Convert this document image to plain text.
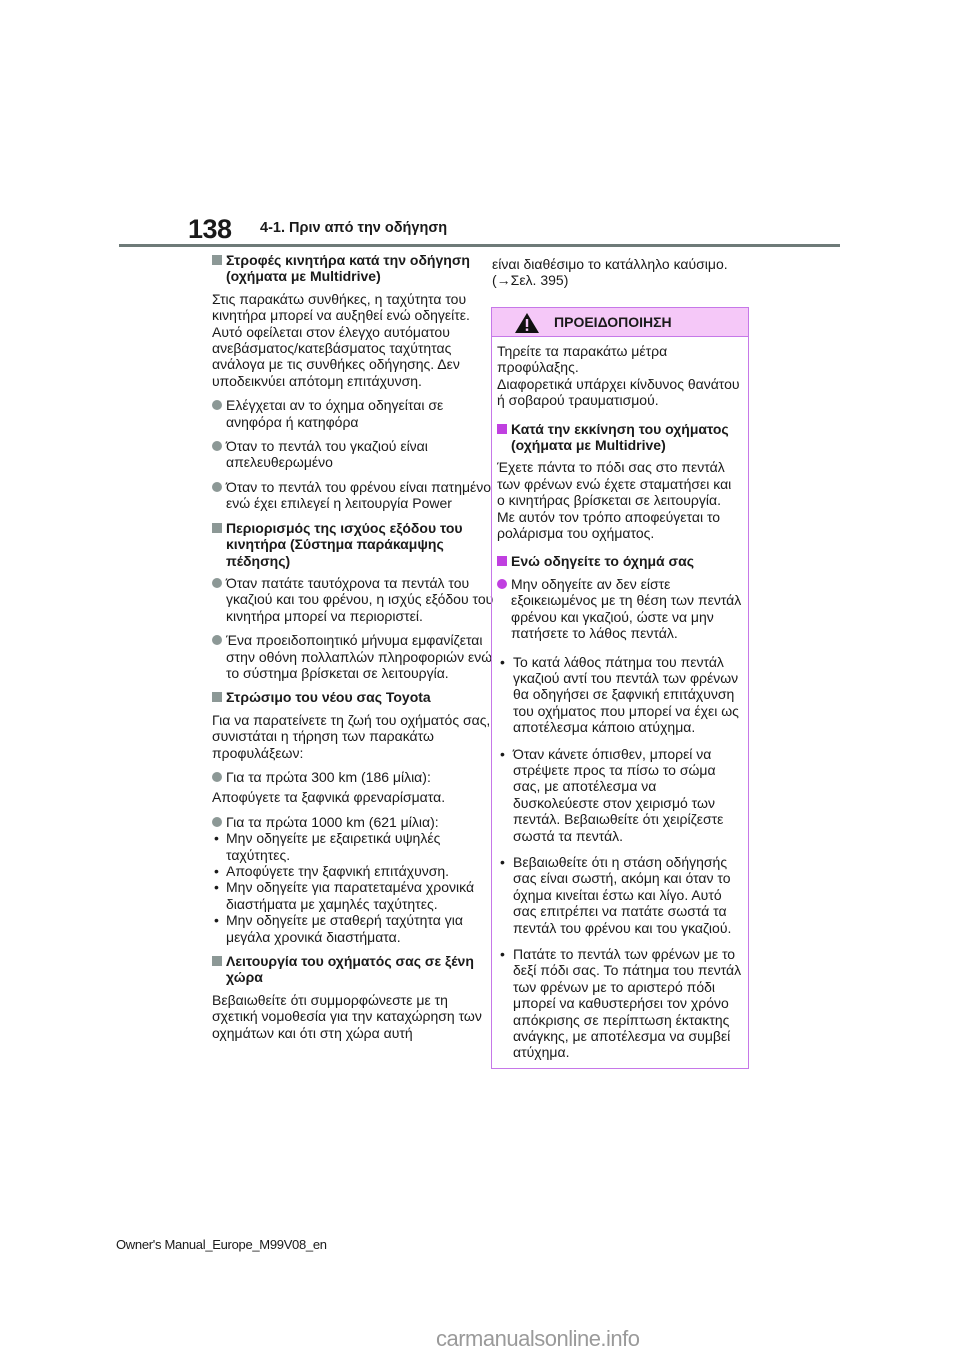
138 4-1. Πριν από την οδήγηση
Στροφές κινητήρα κατά την οδήγηση (οχήματα με Multidrive)
Στις παρακάτω συνθήκες, η ταχύτητα του κινητήρα μπορεί να αυξηθεί ενώ οδηγείτε. Αυτό οφείλεται στον έλεγχο αυτόματου ανεβάσματος/κατεβάσματος ταχύτητας ανάλογα με τις συνθήκες οδήγησης. Δεν υποδεικνύει απότομη επιτάχυνση.
Ελέγχεται αν το όχημα οδηγείται σε ανηφόρα ή κατηφόρα
Όταν το πεντάλ του γκαζιού είναι απελευθερωμένο
Όταν το πεντάλ του φρένου είναι πατημένο ενώ έχει επιλεγεί η λειτουργία Power
Περιορισμός της ισχύος εξόδου του κινητήρα (Σύστημα παράκαμψης πέδησης)
Όταν πατάτε ταυτόχρονα τα πεντάλ του γκαζιού και του φρένου, η ισχύς εξόδου του κινητήρα μπορεί να περιοριστεί.
Ένα προειδοποιητικό μήνυμα εμφανίζεται στην οθόνη πολλαπλών πληροφοριών ενώ το σύστημα βρίσκεται σε λειτουργία.
Στρώσιμο του νέου σας Toyota
Για να παρατείνετε τη ζωή του οχήματός σας, συνιστάται η τήρηση των παρακάτω προφυλάξεων:
Για τα πρώτα 300 km (186 μίλια):
Αποφύγετε τα ξαφνικά φρεναρίσματα.
Για τα πρώτα 1000 km (621 μίλια):
• Μην οδηγείτε με εξαιρετικά υψηλές ταχύτητες.
• Αποφύγετε την ξαφνική επιτάχυνση.
• Μην οδηγείτε για παρατεταμένα χρονικά διαστήματα με χαμηλές ταχύτητες.
• Μην οδηγείτε με σταθερή ταχύτητα για μεγάλα χρονικά διαστήματα.
Λειτουργία του οχήματός σας σε ξένη χώρα
Βεβαιωθείτε ότι συμμορφώνεστε με τη σχετική νομοθεσία για την καταχώρηση των οχημάτων και ότι στη χώρα αυτή
είναι διαθέσιμο το κατάλληλο καύσιμο.
(→Σελ. 395)
ΠΡΟΕΙΔΟΠΟΙΗΣΗ
Τηρείτε τα παρακάτω μέτρα προφύλαξης.
Διαφορετικά υπάρχει κίνδυνος θανάτου ή σοβαρού τραυματισμού.
Κατά την εκκίνηση του οχήματος (οχήματα με Multidrive)
Έχετε πάντα το πόδι σας στο πεντάλ των φρένων ενώ έχετε σταματήσει και ο κινητήρας βρίσκεται σε λειτουργία. Με αυτόν τον τρόπο αποφεύγεται το ρολάρισμα του οχήματος.
Ενώ οδηγείτε το όχημά σας
Μην οδηγείτε αν δεν είστε εξοικειωμένος με τη θέση των πεντάλ φρένου και γκαζιού, ώστε να μην πατήσετε το λάθος πεντάλ.
• Το κατά λάθος πάτημα του πεντάλ γκαζιού αντί του πεντάλ των φρένων θα οδηγήσει σε ξαφνική επιτάχυνση του οχήματος που μπορεί να έχει ως αποτέλεσμα κάποιο ατύχημα.
• Όταν κάνετε όπισθεν, μπορεί να στρέψετε προς τα πίσω το σώμα σας, με αποτέλεσμα να δυσκολεύεστε στον χειρισμό των πεντάλ. Βεβαιωθείτε ότι χειρίζεστε σωστά τα πεντάλ.
• Βεβαιωθείτε ότι η στάση οδήγησής σας είναι σωστή, ακόμη και όταν το όχημα κινείται έστω και λίγο. Αυτό σας επιτρέπει να πατάτε σωστά τα πεντάλ του φρένου και του γκαζιού.
• Πατάτε το πεντάλ των φρένων με το δεξί πόδι σας. Το πάτημα του πεντάλ των φρένων με το αριστερό πόδι μπορεί να καθυστερήσει τον χρόνο απόκρισης σε περίπτωση έκτακτης ανάγκης, με αποτέλεσμα να συμβεί ατύχημα.
Owner's Manual_Europe_M99V08_en
carmanualsonline.info
